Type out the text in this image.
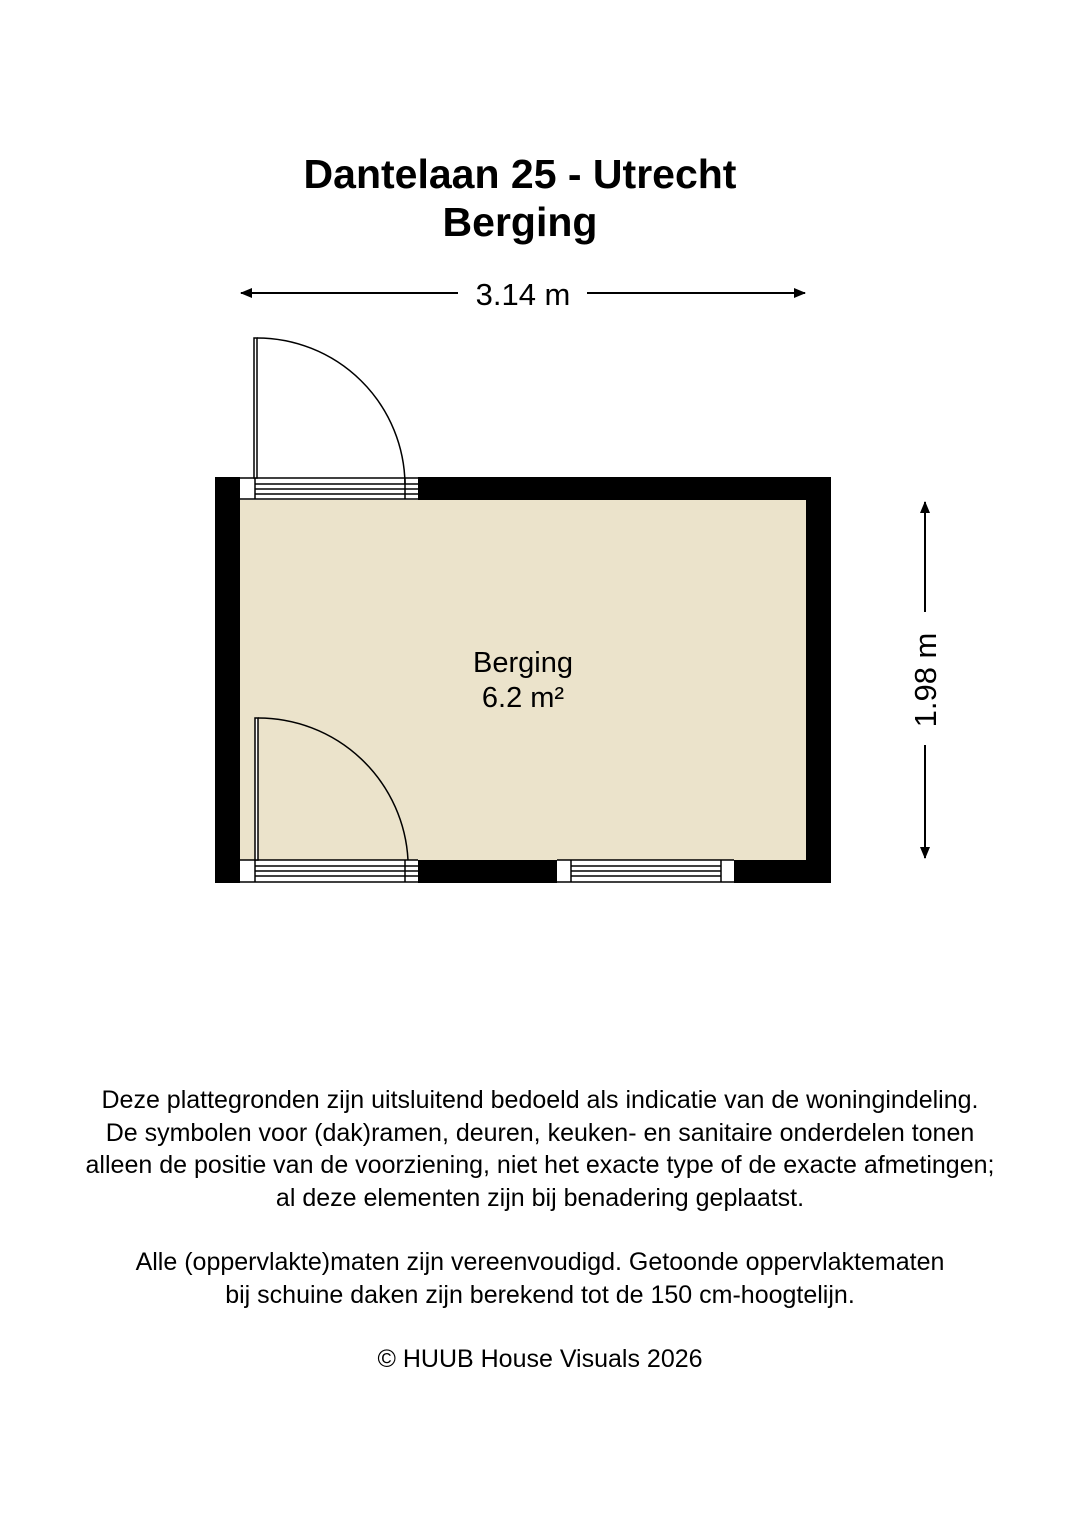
Dantelaan 25 - Utrecht
Berging
3.14 m
1.98 m
Berging
6.2 m²
Deze plattegronden zijn uitsluitend bedoeld als indicatie van de woningindeling.
De symbolen voor (dak)ramen, deuren, keuken- en sanitaire onderdelen tonen
alleen de positie van de voorziening, niet het exacte type of de exacte afmetingen;
al deze elementen zijn bij benadering geplaatst.
Alle (oppervlakte)maten zijn vereenvoudigd. Getoonde oppervlaktematen
bij schuine daken zijn berekend tot de 150 cm-hoogtelijn.
© HUUB House Visuals 2026
